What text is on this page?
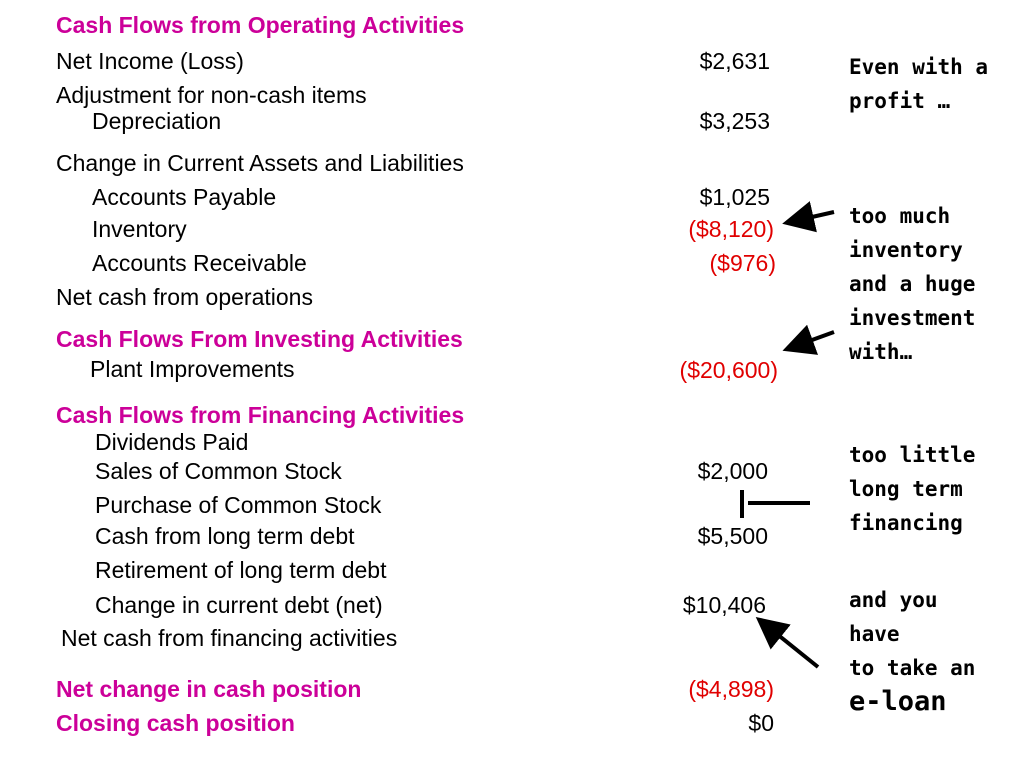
Cash Flows from Operating Activities
Net Income (Loss)	$2,631
Adjustment for non-cash items
Depreciation	$3,253
Change in Current Assets and Liabilities
Accounts Payable	$1,025
Inventory	($8,120)
Accounts Receivable	($976)
Net cash from operations
Cash Flows From Investing Activities
Plant Improvements	($20,600)
Cash Flows from Financing Activities
Dividends Paid
Sales of Common Stock	$2,000
Purchase of Common Stock
Cash from long term debt	$5,500
Retirement of long term debt
Change in current debt (net)	$10,406
Net cash from financing activities
Net change in cash position	($4,898)
Closing cash position	$0
Even with a
profit …
too much
inventory
and a huge
investment
with…
too little
long term
financing
and you
have
to take an
e-loan
